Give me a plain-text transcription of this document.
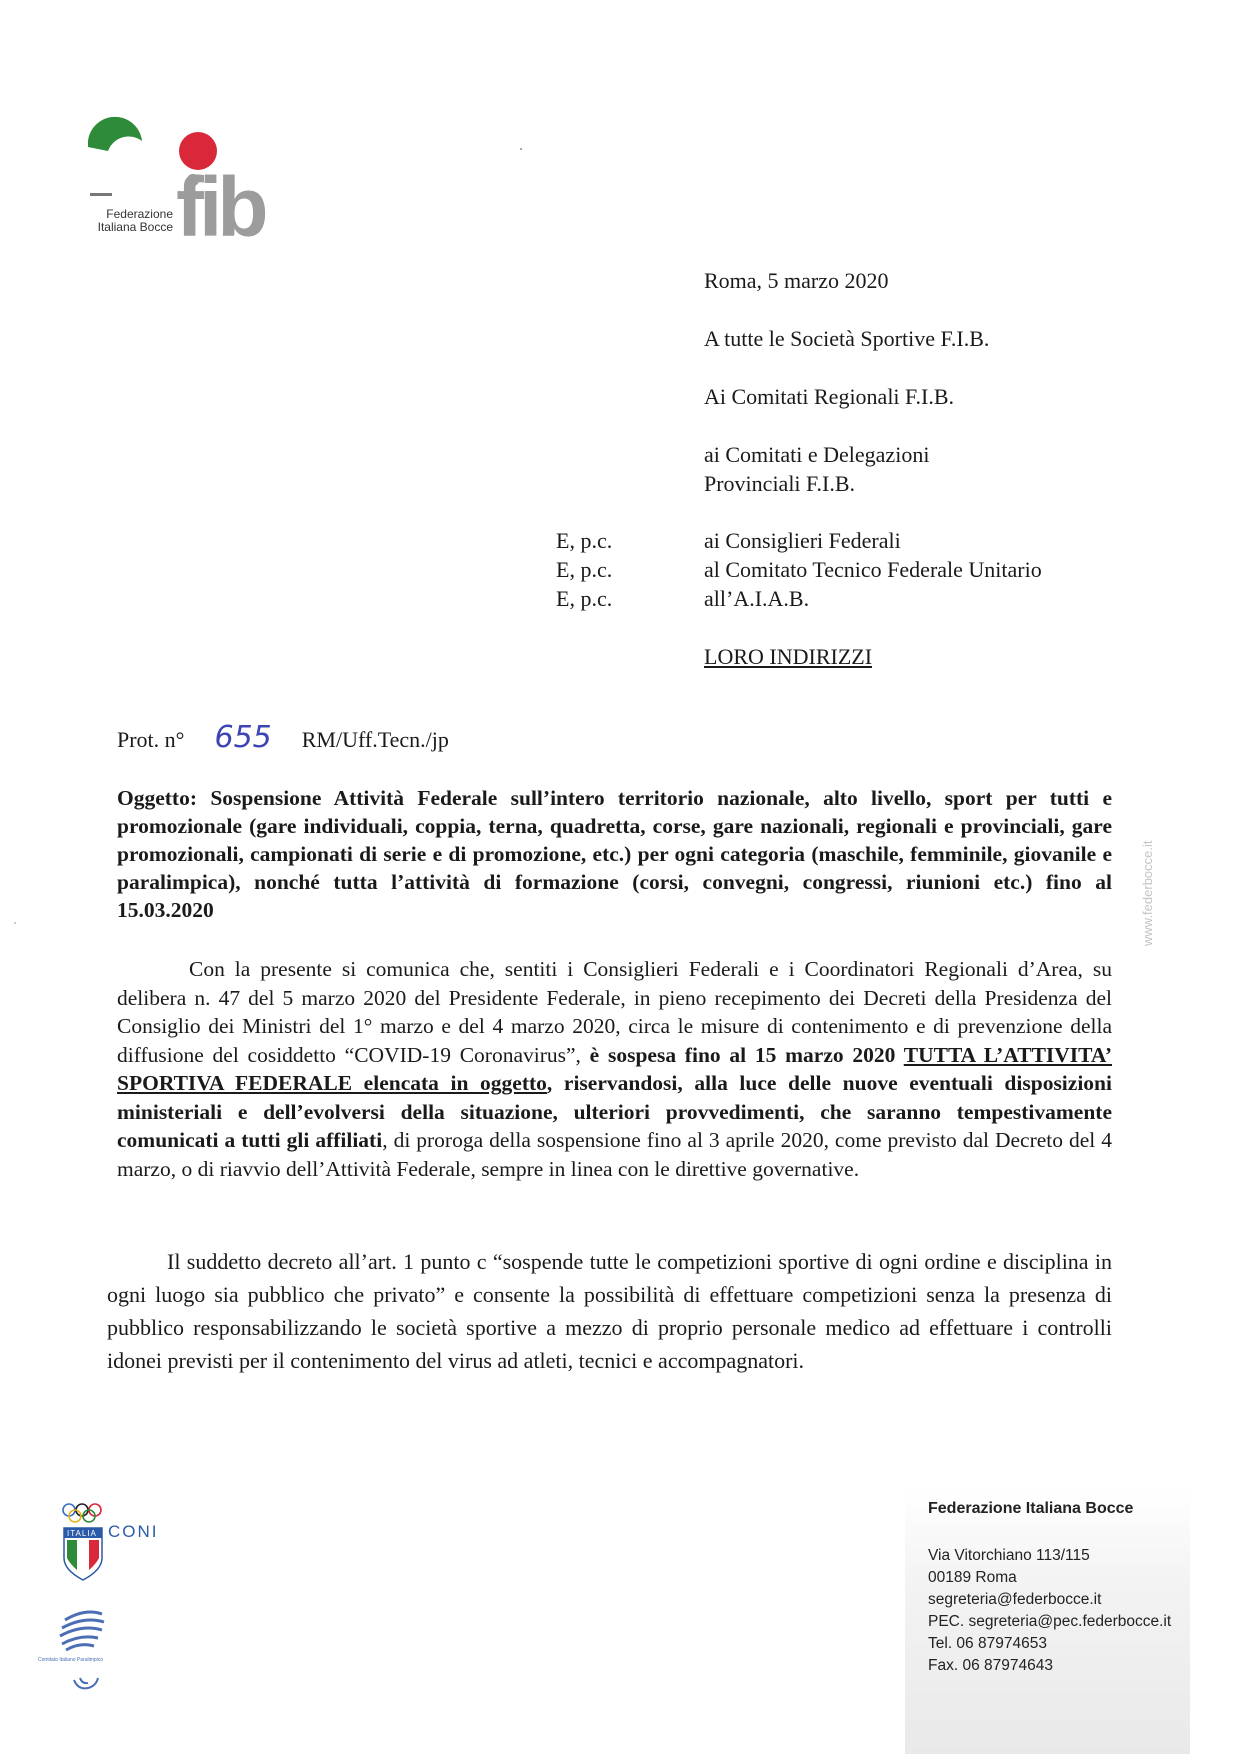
Federazione
Italiana Bocce fib
Roma, 5 marzo 2020
A tutte le Società Sportive F.I.B.
Ai Comitati Regionali F.I.B.
ai Comitati e Delegazioni
Provinciali F.I.B.
E, p.c.
E, p.c.
E, p.c.
ai Consiglieri Federali
al Comitato Tecnico Federale Unitario
all’A.I.A.B.
LORO INDIRIZZI
Prot. n° 655 RM/Uff.Tecn./jp
Oggetto: Sospensione Attività Federale sull’intero territorio nazionale, alto livello, sport per tutti e promozionale (gare individuali, coppia, terna, quadretta, corse, gare nazionali, regionali e provinciali, gare promozionali, campionati di serie e di promozione, etc.) per ogni categoria (maschile, femminile, giovanile e paralimpica), nonché tutta l’attività di formazione (corsi, convegni, congressi, riunioni etc.) fino al 15.03.2020
Con la presente si comunica che, sentiti i Consiglieri Federali e i Coordinatori Regionali d’Area, su delibera n. 47 del 5 marzo 2020 del Presidente Federale, in pieno recepimento dei Decreti della Presidenza del Consiglio dei Ministri del 1° marzo e del 4 marzo 2020, circa le misure di contenimento e di prevenzione della diffusione del cosiddetto “COVID-19 Coronavirus”, è sospesa fino al 15 marzo 2020 TUTTA L’ATTIVITA’ SPORTIVA FEDERALE elencata in oggetto, riservandosi, alla luce delle nuove eventuali disposizioni ministeriali e dell’evolversi della situazione, ulteriori provvedimenti, che saranno tempestivamente comunicati a tutti gli affiliati, di proroga della sospensione fino al 3 aprile 2020, come previsto dal Decreto del 4 marzo, o di riavvio dell’Attività Federale, sempre in linea con le direttive governative.
Il suddetto decreto all’art. 1 punto c “sospende tutte le competizioni sportive di ogni ordine e disciplina in ogni luogo sia pubblico che privato” e consente la possibilità di effettuare competizioni senza la presenza di pubblico responsabilizzando le società sportive a mezzo di proprio personale medico ad effettuare i controlli idonei previsti per il contenimento del virus ad atleti, tecnici e accompagnatori.
www.federbocce.it
ITALIA CONI
Comitato Italiano Paralimpico
Federazione Italiana Bocce
Via Vitorchiano 113/115
00189 Roma
segreteria@federbocce.it
PEC. segreteria@pec.federbocce.it
Tel. 06 87974653
Fax. 06 87974643
